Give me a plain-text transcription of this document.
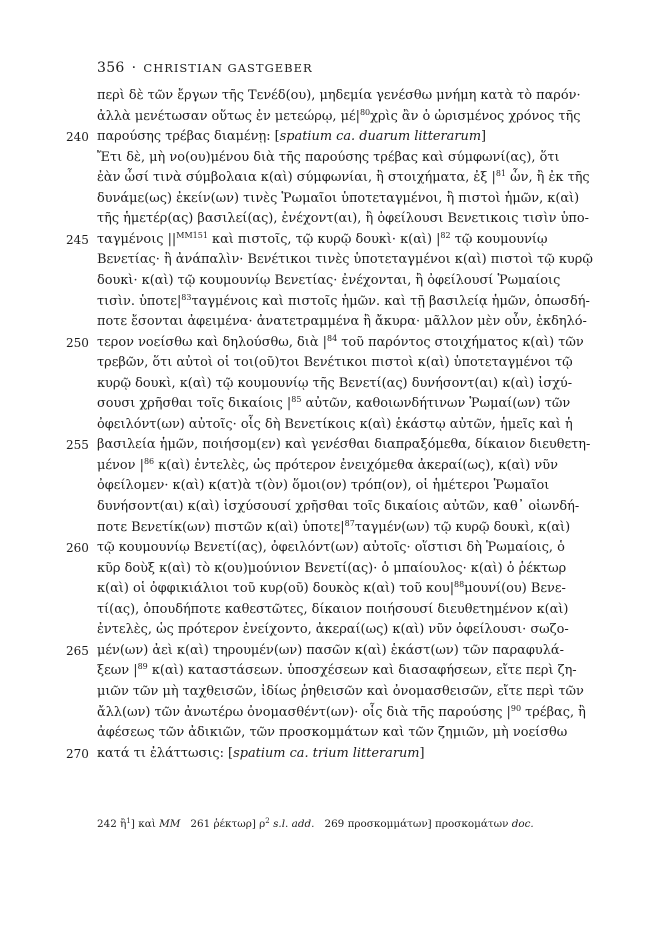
356 · CHRISTIAN GASTGEBER
περὶ δὲ τῶν ἔργων τῆς Τενέδ(ου), μηδεμία γενέσθω μνήμη κατὰ τὸ παρόν·
ἀλλὰ μενέτωσαν οὕτως ἐν μετεώρῳ, $\mu έ|^{80}\chi\rho ὶ\varsigma$ ἂν ὁ ὡρισμένος χρόνος τῆς
240 παρούσης τρέβας διαμένῃ: [spatium ca. duarum litterarum]
Ἔτι δὲ, μὴ νο(ου)μένου διὰ τῆς παρούσης τρέβας καὶ σύμφωνί(ας), ὅτι
ἐὰν ὦσί τινὰ σύμβολαια κ(αὶ) σύμφωνίαι, ἢ στοιχήματα, ἐξ $|^{81}$ ὧν, ἢ ἐκ τῆς
δυνάμε(ως) ἐκείν(ων) τινὲς Ῥωμαῖοι ὑποτεταγμένοι, ἢ πιστοὶ ἡμῶν, κ(αὶ)
τῆς ἡμετέρ(ας) βασιλεί(ας), ἐνέχοντ(αι), ἢ ὀφείλουσι Βενετικοις τισὶν ὑπο-
245 ταγμένοις $||^{MM151}$ καὶ πιστοῖς, τῷ κυρῷ δουκὶ· κ(αὶ) $|^{82}$ τῷ κουμουνίῳ
Βενετίας· ἢ ἀνάπαλὶν· Βενέτικοι τινὲς ὑποτεταγμένοι κ(αὶ) πιστοὶ τῷ κυρῷ
δουκὶ· κ(αὶ) τῷ κουμουνίῳ Βενετίας· ἐνέχονται, ἢ ὀφείλουσί Ῥωμαίοις
τισὶν. $ὑ\pi o\tau\varepsilon|^{83}\tau\alpha\gamma\mu έ\nu o\iota\varsigma$ καὶ πιστοῖς ἡμῶν. καὶ τῇ βασιλείᾳ ἡμῶν, ὁπωσδή-
ποτε ἔσονται ἀφειμένα· ἀνατετραμμένα ἢ ἄκυρα· μᾶλλον μὲν οὖν, ἐκδηλό-
250 τερον νοείσθω καὶ δηλούσθω, διὰ $|^{84}$ τοῦ παρόντος στοιχήματος κ(αὶ) τῶν
τρεβῶν, ὅτι αὐτοὶ οἱ τοι(οῦ)τοι Βενέτικοι πιστοὶ κ(αὶ) ὑποτεταγμένοι τῷ
κυρῷ δουκὶ, κ(αὶ) τῷ κουμουνίῳ τῆς Βενετί(ας) δυνήσοντ(αι) κ(αὶ) ἰσχύ-
σουσι χρῆσθαι τοῖς δικαίοις $|^{85}$ αὐτῶν, καθοιωνδήτινων Ῥωμαί(ων) τῶν
ὀφειλόντ(ων) αὐτοῖς· οἷς δὴ Βενετίκοις κ(αὶ) ἑκάστῳ αὐτῶν, ἡμεῖς καὶ ἡ
255 βασιλεία ἡμῶν, ποιήσομ(εν) καὶ γενέσθαι διαπραξόμεθα, δίκαιον διευθετη-
μένον $|^{86}$ κ(αὶ) ἐντελὲς, ὡς πρότερον ἐνειχόμεθα ἀκεραί(ως), κ(αὶ) νῦν
ὀφείλομεν· κ(αὶ) κ(ατ)ὰ τ(ὸν) ὅμοι(ον) τρόπ(ον), οἱ ἡμέτεροι Ῥωμαῖοι
δυνήσοντ(αι) κ(αὶ) ἰσχύσουσί χρῆσθαι τοῖς δικαίοις αὐτῶν, καθ᾽ οἱωνδή-
ποτε Βενετίκ(ων) πιστῶν κ(αὶ) $ὑ\pi o\tau\varepsilon|^{87}\tau\alpha\gamma\mu έ\nu(\omega\nu)$ τῷ κυρῷ δουκὶ, κ(αὶ)
260 τῷ κουμουνίῳ Βενετί(ας), ὀφειλόντ(ων) αὐτοῖς· οἵστισι δὴ Ῥωμαίοις, ὁ
κῦρ δοὺξ κ(αὶ) τὸ κ(ου)μούνιον Βενετί(ας)· ὁ μπαίουλος· κ(αὶ) ὁ ῥέκτωρ
κ(αὶ) οἱ ὀφφικιάλιοι τοῦ κυρ(οῦ) δουκὸς κ(αὶ) τοῦ $\kappa o\upsilon|^{88}\mu o\upsilon\nu ί(o\upsilon)$ Βενε-
τί(ας), ὁπουδήποτε καθεστῶτες, δίκαιον ποιήσουσί διευθετημένον κ(αὶ)
ἐντελὲς, ὡς πρότερον ἐνείχοντο, ἀκεραί(ως) κ(αὶ) νῦν ὀφείλουσι· σωζο-
265 μέν(ων) ἀεὶ κ(αὶ) τηρουμέν(ων) πασῶν κ(αὶ) ἑκάστ(ων) τῶν παραφυλά-
ξεων $|^{89}$ κ(αὶ) καταστάσεων. ὑποσχέσεων καὶ διασαφήσεων, εἴτε περὶ ζη-
μιῶν τῶν μὴ ταχθεισῶν, ἰδίως ῥηθεισῶν καὶ ὀνομασθεισῶν, εἴτε περὶ τῶν
ἄλλ(ων) τῶν ἀνωτέρω ὀνομασθέντ(ων)· οἷς διὰ τῆς παρούσης $|^{90}$ τρέβας, ἢ
ἀφέσεως τῶν ἀδικιῶν, τῶν προσκομμάτων καὶ τῶν ζημιῶν, μὴ νοείσθω
270 κατά τι ἐλάττωσις: [spatium ca. trium litterarum]
242 ἢ$^1$] καὶ MM 261 ῥέκτωρ] $\rho^2$ s.l. add. 269 προσκομμάτων] προσκομάτων doc.
